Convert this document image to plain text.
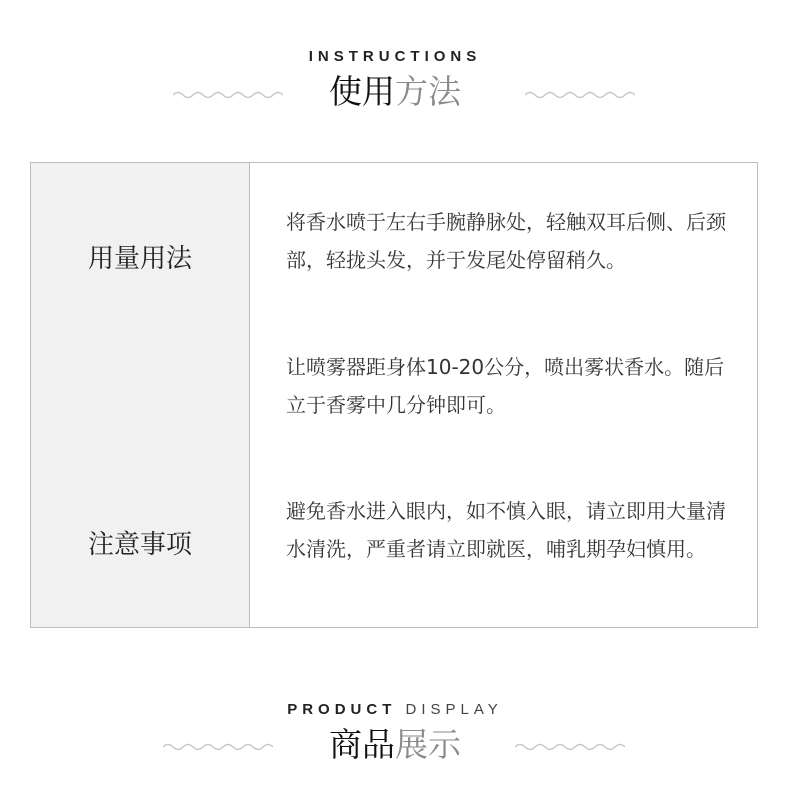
INSTRUCTIONS
使用方法
用量用法
注意事项
将香水喷于左右手腕静脉处，轻触双耳后侧、后颈部，轻拢头发，并于发尾处停留稍久。
让喷雾器距身体10-20公分，喷出雾状香水。随后立于香雾中几分钟即可。
避免香水进入眼内，如不慎入眼，请立即用大量清水清洗，严重者请立即就医，哺乳期孕妇慎用。
PRODUCT DISPLAY
商品展示
